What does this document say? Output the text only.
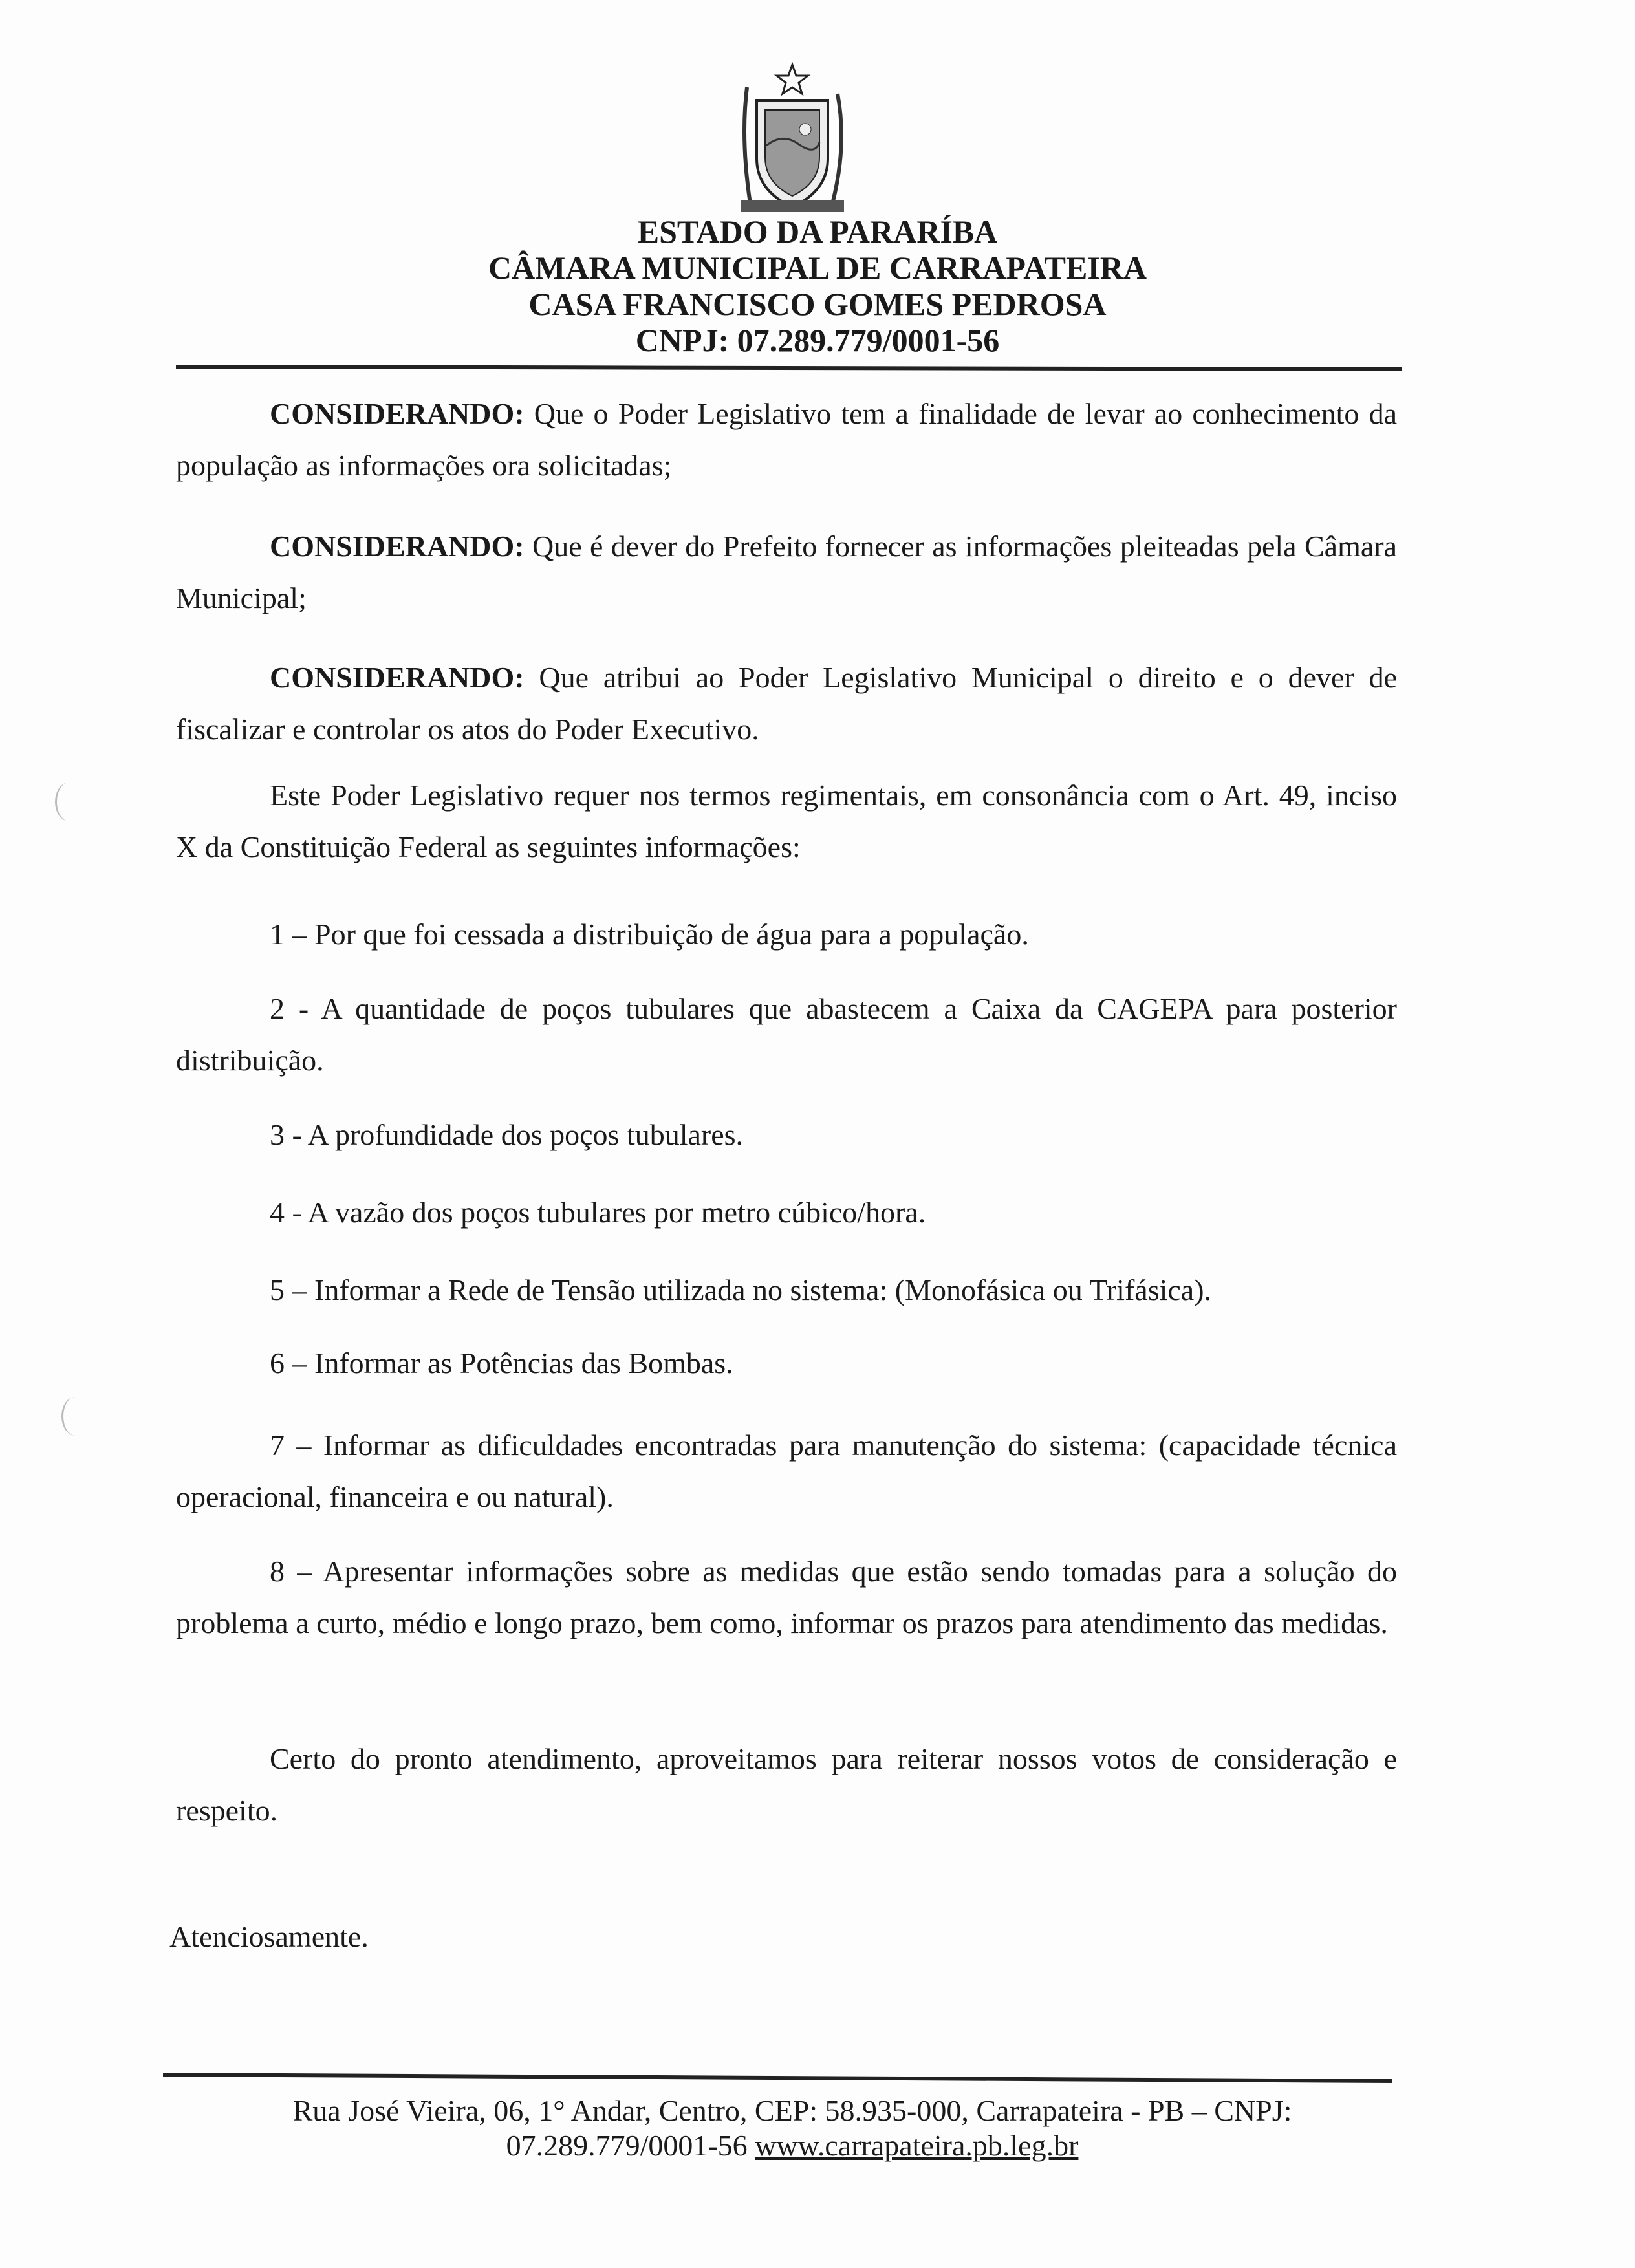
ESTADO DA PARARÍBA
CÂMARA MUNICIPAL DE CARRAPATEIRA
CASA FRANCISCO GOMES PEDROSA
CNPJ: 07.289.779/0001-56
CONSIDERANDO: Que o Poder Legislativo tem a finalidade de levar ao conhecimento da população as informações ora solicitadas;
CONSIDERANDO: Que é dever do Prefeito fornecer as informações pleiteadas pela Câmara Municipal;
CONSIDERANDO: Que atribui ao Poder Legislativo Municipal o direito e o dever de fiscalizar e controlar os atos do Poder Executivo.
Este Poder Legislativo requer nos termos regimentais, em consonância com o Art. 49, inciso X da Constituição Federal as seguintes informações:
1 – Por que foi cessada a distribuição de água para a população.
2 - A quantidade de poços tubulares que abastecem a Caixa da CAGEPA para posterior distribuição.
3 - A profundidade dos poços tubulares.
4 - A vazão dos poços tubulares por metro cúbico/hora.
5 – Informar a Rede de Tensão utilizada no sistema: (Monofásica ou Trifásica).
6 – Informar as Potências das Bombas.
7 – Informar as dificuldades encontradas para manutenção do sistema: (capacidade técnica operacional, financeira e ou natural).
8 – Apresentar informações sobre as medidas que estão sendo tomadas para a solução do problema a curto, médio e longo prazo, bem como, informar os prazos para atendimento das medidas.
Certo do pronto atendimento, aproveitamos para reiterar nossos votos de consideração e respeito.
Atenciosamente.
Rua José Vieira, 06, 1° Andar, Centro, CEP: 58.935-000, Carrapateira - PB – CNPJ:
07.289.779/0001-56 www.carrapateira.pb.leg.br
